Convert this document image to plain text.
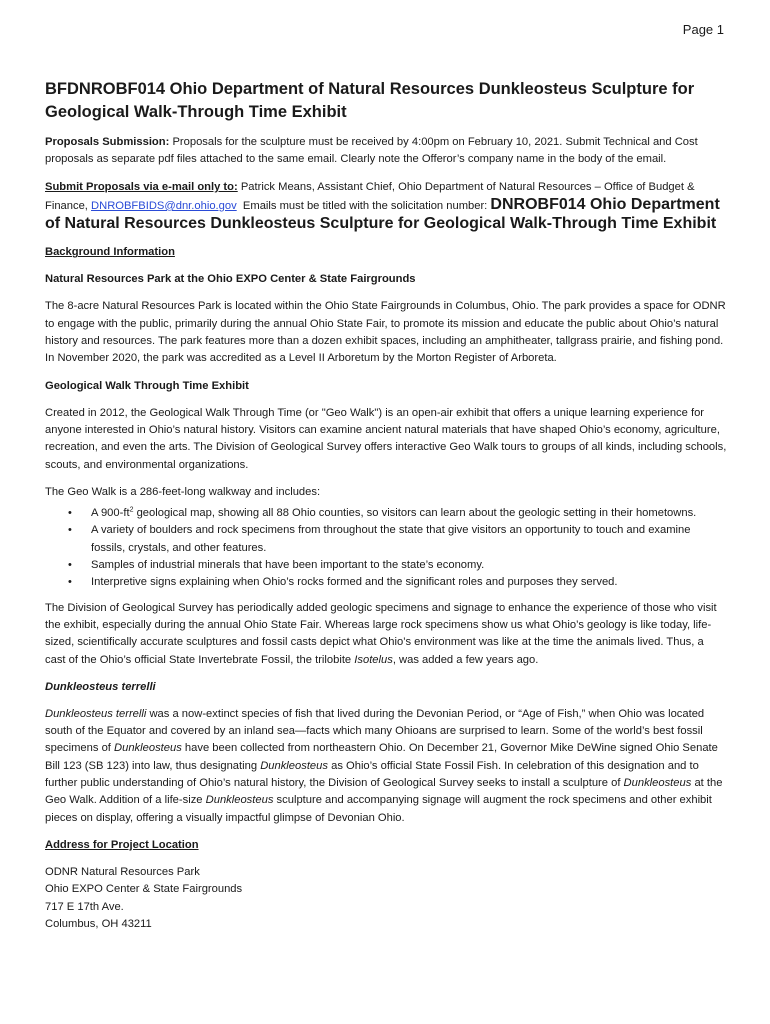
Page 1
BFDNROBF014 Ohio Department of Natural Resources Dunkleosteus Sculpture for Geological Walk-Through Time Exhibit

Proposals Submission: Proposals for the sculpture must be received by 4:00pm on February 10, 2021. Submit Technical and Cost proposals as separate pdf files attached to the same email. Clearly note the Offeror’s company name in the body of the email.

Submit Proposals via e-mail only to: Patrick Means, Assistant Chief, Ohio Department of Natural Resources – Office of Budget & Finance, DNROBFBIDS@dnr.ohio.gov Emails must be titled with the solicitation number: DNROBF014 Ohio Department of Natural Resources Dunkleosteus Sculpture for Geological Walk-Through Time Exhibit

Background Information
Natural Resources Park at the Ohio EXPO Center & State Fairgrounds

The 8-acre Natural Resources Park is located within the Ohio State Fairgrounds in Columbus, Ohio. The park provides a space for ODNR to engage with the public, primarily during the annual Ohio State Fair, to promote its mission and educate the public about Ohio’s natural history and resources. The park features more than a dozen exhibit spaces, including an amphitheater, tallgrass prairie, and fishing pond. In November 2020, the park was accredited as a Level II Arboretum by the Morton Register of Arboreta.

Geological Walk Through Time Exhibit

Created in 2012, the Geological Walk Through Time (or "Geo Walk") is an open-air exhibit that offers a unique learning experience for anyone interested in Ohio’s natural history. Visitors can examine ancient natural materials that have shaped Ohio’s economy, agriculture, recreation, and even the arts. The Division of Geological Survey offers interactive Geo Walk tours to groups of all kinds, including schools, scouts, and environmental organizations.

The Geo Walk is a 286-feet-long walkway and includes:

• A $900-ft^2$ geological map, showing all 88 Ohio counties, so visitors can learn about the geologic setting in their hometowns.
• A variety of boulders and rock specimens from throughout the state that give visitors an opportunity to touch and examine fossils, crystals, and other features.
• Samples of industrial minerals that have been important to the state’s economy.
• Interpretive signs explaining when Ohio’s rocks formed and the significant roles and purposes they served.

The Division of Geological Survey has periodically added geologic specimens and signage to enhance the experience of those who visit the exhibit, especially during the annual Ohio State Fair. Whereas large rock specimens show us what Ohio’s geology is like today, life-sized, scientifically accurate sculptures and fossil casts depict what Ohio’s environment was like at the time the animals lived. Thus, a cast of the Ohio’s official State Invertebrate Fossil, the trilobite Isotelus, was added a few years ago.

Dunkleosteus terrelli

Dunkleosteus terrelli was a now-extinct species of fish that lived during the Devonian Period, or “Age of Fish,” when Ohio was located south of the Equator and covered by an inland sea—facts which many Ohioans are surprised to learn. Some of the world’s best fossil specimens of Dunkleosteus have been collected from northeastern Ohio. On December 21, Governor Mike DeWine signed Ohio Senate Bill 123 (SB 123) into law, thus designating Dunkleosteus as Ohio’s official State Fossil Fish. In celebration of this designation and to further public understanding of Ohio’s natural history, the Division of Geological Survey seeks to install a sculpture of Dunkleosteus at the Geo Walk. Addition of a life-size Dunkleosteus sculpture and accompanying signage will augment the rock specimens and other exhibit pieces on display, offering a visually impactful glimpse of Devonian Ohio.

Address for Project Location

ODNR Natural Resources Park

Ohio EXPO Center & State Fairgrounds

717 E 17th Ave.

Columbus, OH 43211
